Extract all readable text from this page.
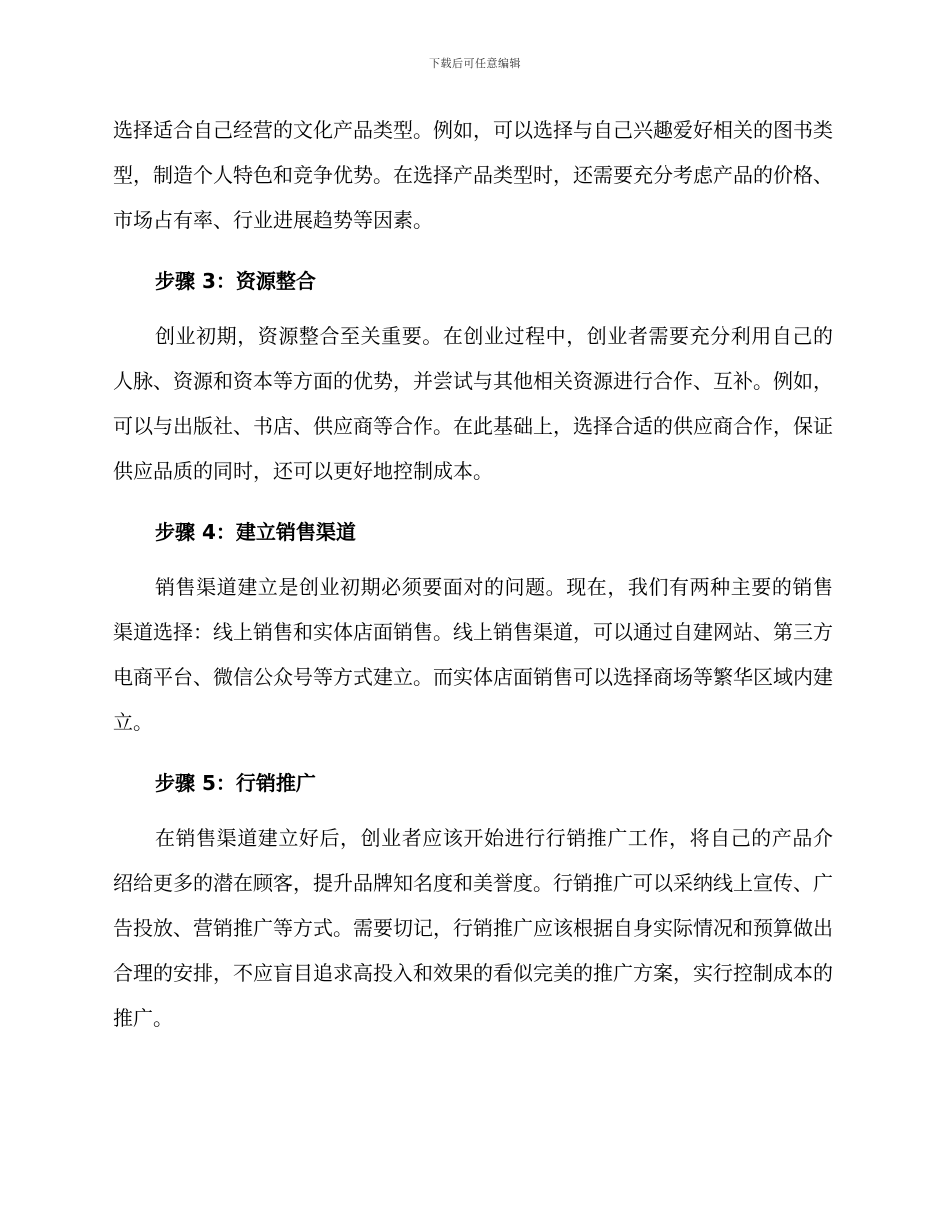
下载后可任意编辑

选择适合自己经营的文化产品类型。例如，可以选择与自己兴趣爱好相关的图书类型，制造个人特色和竞争优势。在选择产品类型时，还需要充分考虑产品的价格、市场占有率、行业进展趋势等因素。

步骤 3：资源整合

创业初期，资源整合至关重要。在创业过程中，创业者需要充分利用自己的人脉、资源和资本等方面的优势，并尝试与其他相关资源进行合作、互补。例如，可以与出版社、书店、供应商等合作。在此基础上，选择合适的供应商合作，保证供应品质的同时，还可以更好地控制成本。

步骤 4：建立销售渠道

销售渠道建立是创业初期必须要面对的问题。现在，我们有两种主要的销售渠道选择：线上销售和实体店面销售。线上销售渠道，可以通过自建网站、第三方电商平台、微信公众号等方式建立。而实体店面销售可以选择商场等繁华区域内建立。

步骤 5：行销推广

在销售渠道建立好后，创业者应该开始进行行销推广工作，将自己的产品介绍给更多的潜在顾客，提升品牌知名度和美誉度。行销推广可以采纳线上宣传、广告投放、营销推广等方式。需要切记，行销推广应该根据自身实际情况和预算做出合理的安排，不应盲目追求高投入和效果的看似完美的推广方案，实行控制成本的推广。
